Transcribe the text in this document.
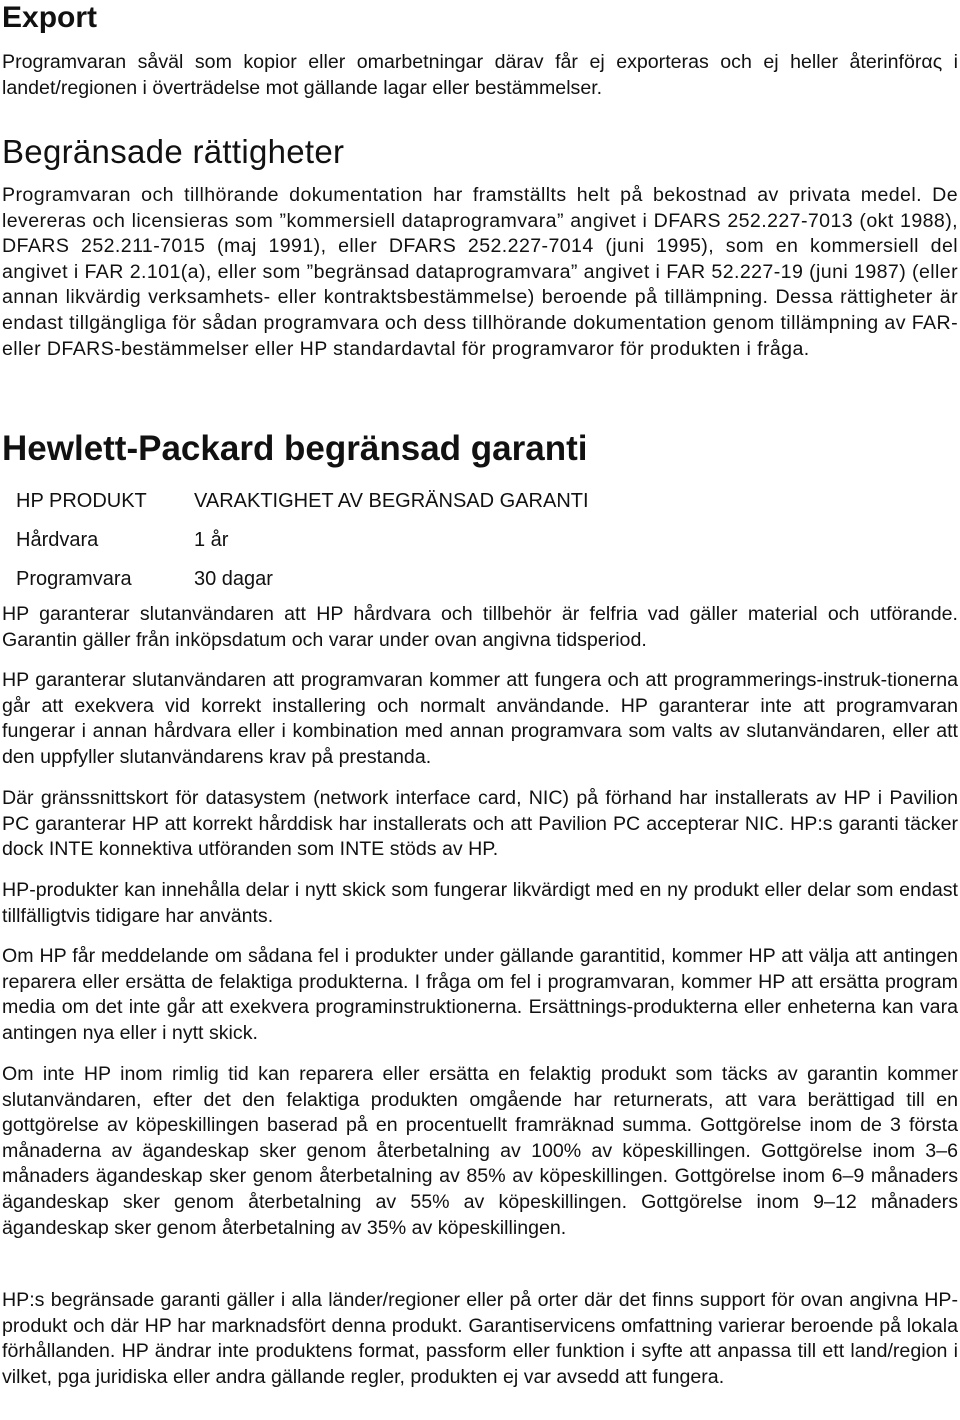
Export

Programvaran såväl som kopior eller omarbetningar därav får ej exporteras och ej heller återinförας i landet/regionen i överträdelse mot gällande lagar eller bestämmelser.

Begränsade rättigheter

Programvaran och tillhörande dokumentation har framställts helt på bekostnad av privata medel. De levereras och licensieras som ”kommersiell dataprogramvara” angivet i DFARS 252.227-7013 (okt 1988), DFARS 252.211-7015 (maj 1991), eller DFARS 252.227-7014 (juni 1995), som en kommersiell del angivet i FAR 2.101(a), eller som ”begränsad dataprogramvara” angivet i FAR 52.227-19 (juni 1987) (eller annan likvärdig verksamhets- eller kontraktsbestämmelse) beroende på tillämpning. Dessa rättigheter är endast tillgängliga för sådan programvara och dess tillhörande dokumentation genom tillämpning av FAR- eller DFARS-bestämmelser eller HP standardavtal för programvaror för produkten i fråga.

Hewlett-Packard begränsad garanti
HP PRODUKT	VARAKTIGHET AV BEGRÄNSAD GARANTI
Hårdvara	1 år
Programvara	30 dagar

HP garanterar slutanvändaren att HP hårdvara och tillbehör är felfria vad gäller material och utförande. Garantin gäller från inköpsdatum och varar under ovan angivna tidsperiod.

HP garanterar slutanvändaren att programvaran kommer att fungera och att programmerings-instruk-tionerna går att exekvera vid korrekt installering och normalt användande. HP garanterar inte att programvaran fungerar i annan hårdvara eller i kombination med annan programvara som valts av slutanvändaren, eller att den uppfyller slutanvändarens krav på prestanda.

Där gränssnittskort för datasystem (network interface card, NIC) på förhand har installerats av HP i Pavilion PC garanterar HP att korrekt hårddisk har installerats och att Pavilion PC accepterar NIC. HP:s garanti täcker dock INTE konnektiva utföranden som INTE stöds av HP.

HP-produkter kan innehålla delar i nytt skick som fungerar likvärdigt med en ny produkt eller delar som endast tillfälligtvis tidigare har använts.

Om HP får meddelande om sådana fel i produkter under gällande garantitid, kommer HP att välja att antingen reparera eller ersätta de felaktiga produkterna. I fråga om fel i programvaran, kommer HP att ersätta program media om det inte går att exekvera programinstruktionerna. Ersättnings-produkterna eller enheterna kan vara antingen nya eller i nytt skick.

Om inte HP inom rimlig tid kan reparera eller ersätta en felaktig produkt som täcks av garantin kommer slutanvändaren, efter det den felaktiga produkten omgående har returnerats, att vara berättigad till en gottgörelse av köpeskillingen baserad på en procentuellt framräknad summa. Gottgörelse inom de 3 första månaderna av ägandeskap sker genom återbetalning av 100% av köpeskillingen. Gottgörelse inom 3–6 månaders ägandeskap sker genom återbetalning av 85% av köpeskillingen. Gottgörelse inom 6–9 månaders ägandeskap sker genom återbetalning av 55% av köpeskillingen. Gottgörelse inom 9–12 månaders ägandeskap sker genom återbetalning av 35% av köpeskillingen.

HP:s begränsade garanti gäller i alla länder/regioner eller på orter där det finns support för ovan angivna HP-produkt och där HP har marknadsfört denna produkt. Garantiservicens omfattning varierar beroende på lokala förhållanden. HP ändrar inte produktens format, passform eller funktion i syfte att anpassa till ett land/region i vilket, pga juridiska eller andra gällande regler, produkten ej var avsedd att fungera.
